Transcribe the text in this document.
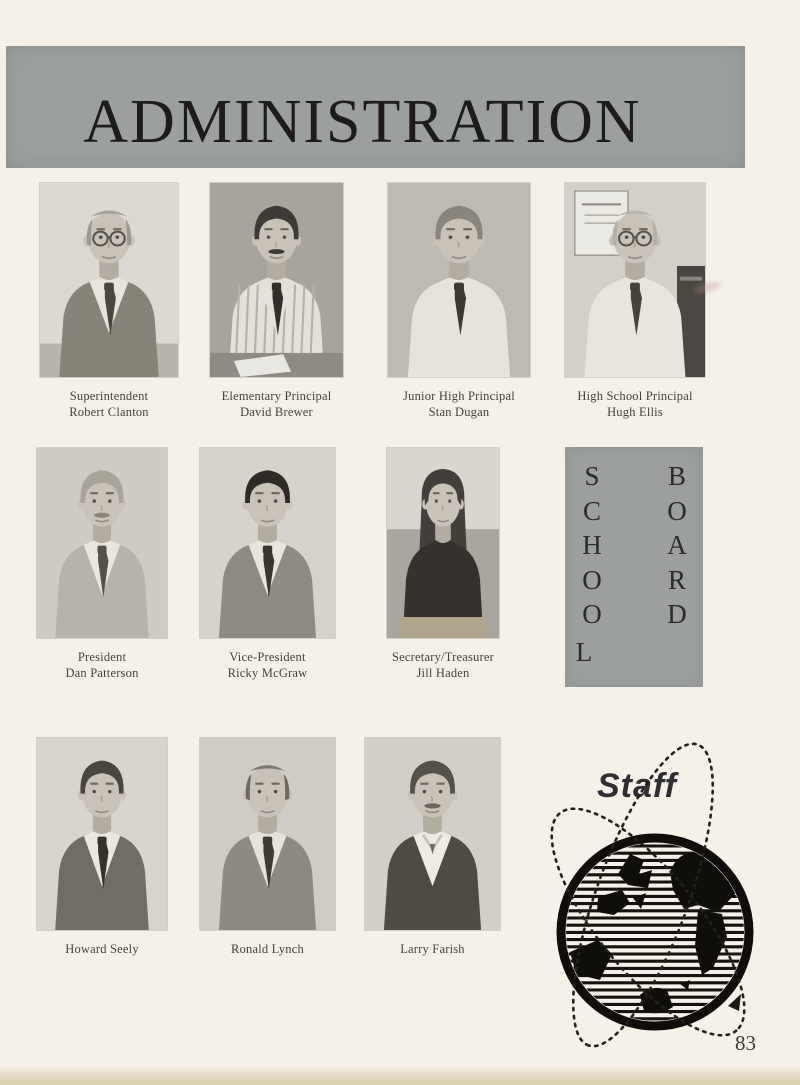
ADMINISTRATION
Superintendent
Robert Clanton
Elementary Principal
David Brewer
Junior High Principal
Stan Dugan
High School Principal
Hugh Ellis
President
Dan Patterson
Vice-President
Ricky McGraw
Secretary/Treasurer
Jill Haden
Howard Seely	Ronald Lynch	Larry Farish
S
C
H
O
O
L
B
O
A
R
D
Staff
83
